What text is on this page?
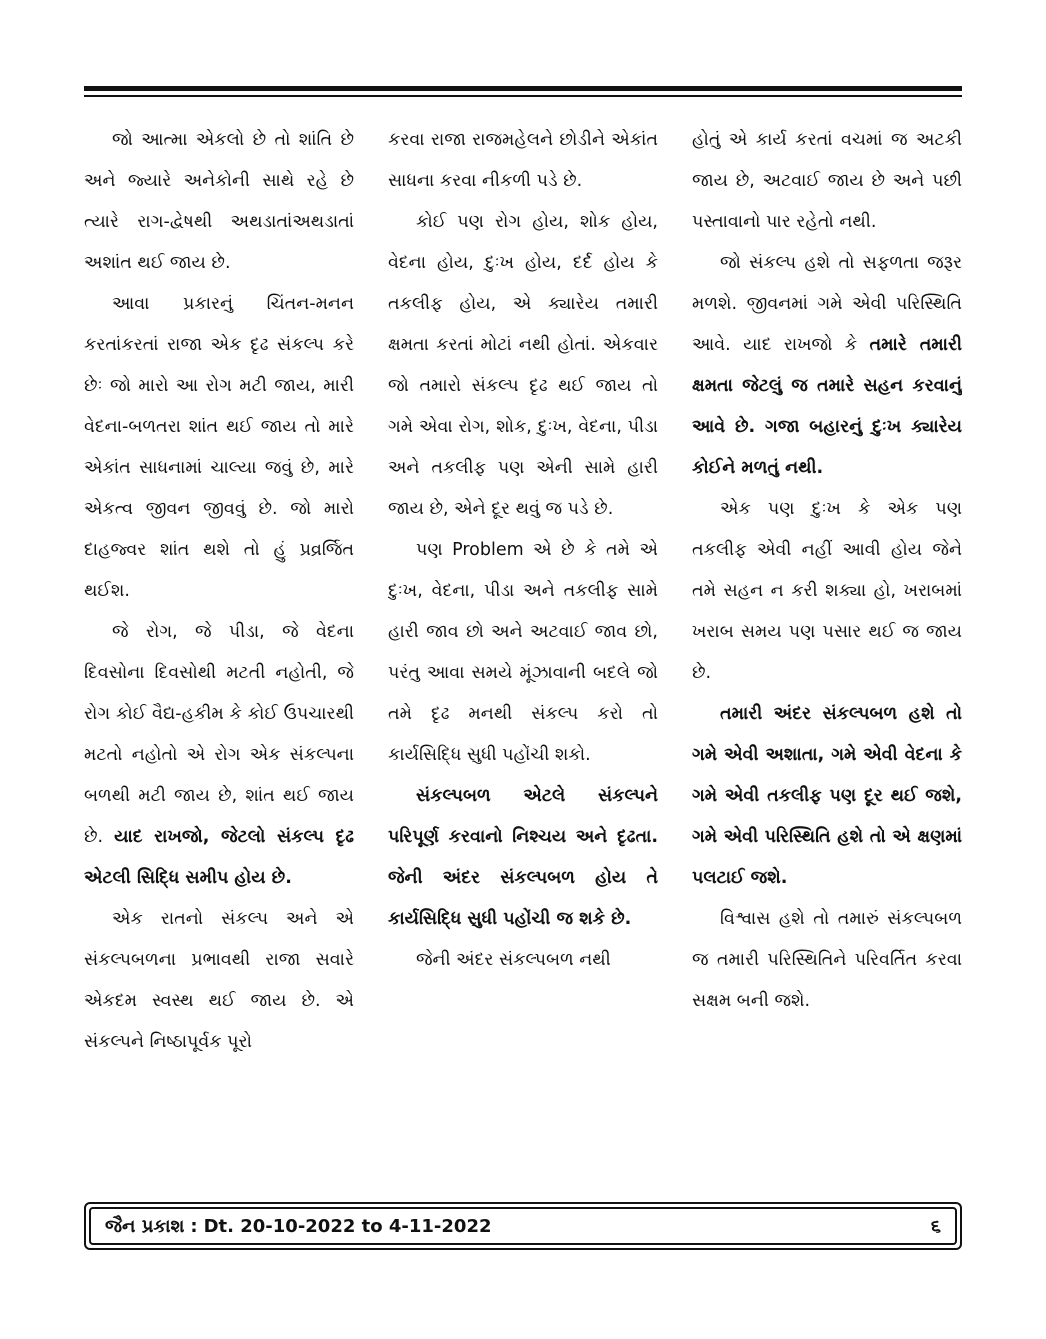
જો આત્મા એકલો છે તો શાંતિ છે અને જ્યારે અનેકોની સાથે રહે છે ત્યારે રાગ-દ્વેષથી અથડાતાંઅથડાતાં અશાંત થઈ જાય છે.

આવા પ્રકારનું ચિંતન-મનન કરતાંકરતાં રાજા એક દૃઢ સંકલ્પ કરે છેઃ જો મારો આ રોગ મટી જાય, મારી વેદના-બળતરા શાંત થઈ જાય તો મારે એકાંત સાધનામાં ચાલ્યા જવું છે, મારે એકત્વ જીવન જીવવું છે. જો મારો દાહજ્વર શાંત થશે તો હું પ્રવ્રર્જિત થઈશ.

જે રોગ, જે પીડા, જે વેદના દિવસોના દિવસોથી મટતી નહોતી, જે રોગ કોઈ વૈદ્ય-હકીમ કે કોઈ ઉપચારથી મટતો નહોતો એ રોગ એક સંકલ્પના બળથી મટી જાય છે, શાંત થઈ જાય છે. યાદ રાખજો, જેટલો સંકલ્પ દૃઢ એટલી સિદ્ધિ સમીપ હોય છે.

એક રાતનો સંકલ્પ અને એ સંકલ્પબળના પ્રભાવથી રાજા સવારે એકદમ સ્વસ્થ થઈ જાય છે. એ સંકલ્પને નિષ્ઠાપૂર્વક પૂરો

કરવા રાજા રાજમહેલને છોડીને એકાંત સાધના કરવા નીકળી પડે છે.

કોઈ પણ રોગ હોય, શોક હોય, વેદના હોય, દુઃખ હોય, દર્દ હોય કે તકલીફ હોય, એ ક્યારેય તમારી ક્ષમતા કરતાં મોટાં નથી હોતાં. એકવાર જો તમારો સંકલ્પ દૃઢ થઈ જાય તો ગમે એવા રોગ, શોક, દુઃખ, વેદના, પીડા અને તકલીફ પણ એની સામે હારી જાય છે, એને દૂર થવું જ પડે છે.

પણ Problem એ છે કે તમે એ દુઃખ, વેદના, પીડા અને તકલીફ સામે હારી જાવ છો અને અટવાઈ જાવ છો, પરંતુ આવા સમયે મૂંઝાવાની બદલે જો તમે દૃઢ મનથી સંકલ્પ કરો તો કાર્યસિદ્ધિ સુધી પહોંચી શકો.

સંકલ્પબળ એટલે સંકલ્પને પરિપૂર્ણ કરવાનો નિશ્ચય અને દૃઢતા. જેની અંદર સંકલ્પબળ હોય તે કાર્યસિદ્ધિ સુધી પહોંચી જ શકે છે.

જેની અંદર સંકલ્પબળ નથી

હોતું એ કાર્ય કરતાં વચમાં જ અટકી જાય છે, અટવાઈ જાય છે અને પછી પસ્તાવાનો પાર રહેતો નથી.

જો સંકલ્પ હશે તો સફળતા જરૂર મળશે. જીવનમાં ગમે એવી પરિસ્થિતિ આવે. યાદ રાખજો કે તમારે તમારી ક્ષમતા જેટલું જ તમારે સહન કરવાનું આવે છે. ગજા બહારનું દુઃખ ક્યારેય કોઈને મળતું નથી.

એક પણ દુઃખ કે એક પણ તકલીફ એવી નહીં આવી હોય જેને તમે સહન ન કરી શક્યા હો, ખરાબમાં ખરાબ સમય પણ પસાર થઈ જ જાય છે.

તમારી અંદર સંકલ્પબળ હશે તો ગમે એવી અશાતા, ગમે એવી વેદના કે ગમે એવી તકલીફ પણ દૂર થઈ જશે, ગમે એવી પરિસ્થિતિ હશે તો એ ક્ષણમાં પલટાઈ જશે.

વિશ્વાસ હશે તો તમારું સંકલ્પબળ જ તમારી પરિસ્થિતિને પરિવર્તિત કરવા સક્ષમ બની જશે.

જૈન પ્રકાશ : Dt. 20-10-2022 to 4-11-2022	૬
